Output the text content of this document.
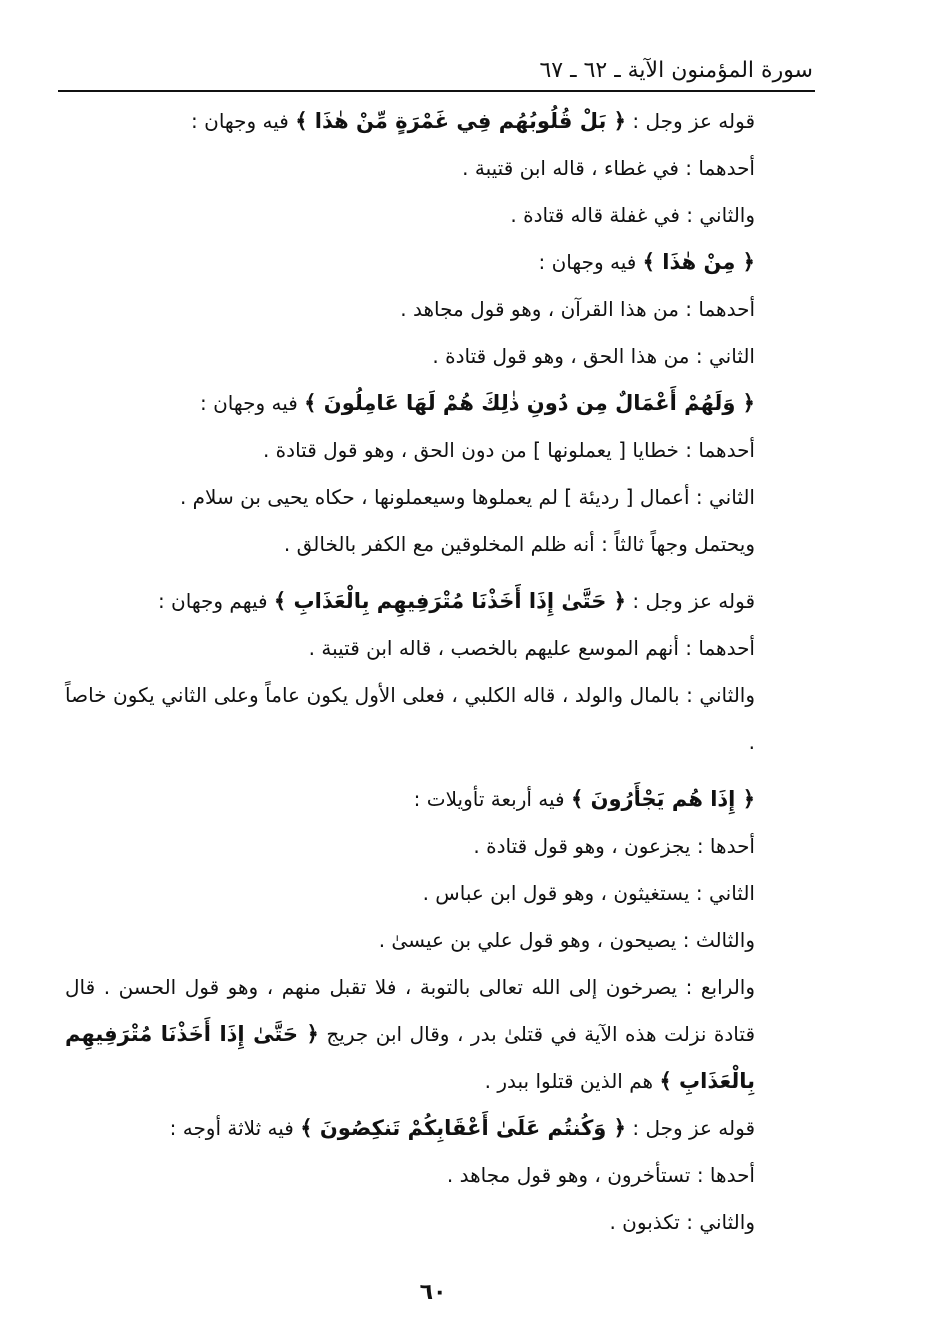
سورة المؤمنون الآية ـ ٦٢ ـ ٦٧

قوله عز وجل : ﴿ بَلْ قُلُوبُهُم فِي غَمْرَةٍ مِّنْ هٰذَا ﴾ فيه وجهان :

أحدهما : في غطاء ، قاله ابن قتيبة .

والثاني : في غفلة قاله قتادة .

﴿ مِنْ هٰذَا ﴾ فيه وجهان :

أحدهما : من هذا القرآن ، وهو قول مجاهد .

الثاني : من هذا الحق ، وهو قول قتادة .

﴿ وَلَهُمْ أَعْمَالٌ مِن دُونِ ذٰلِكَ هُمْ لَهَا عَامِلُونَ ﴾ فيه وجهان :

أحدهما : خطايا [ يعملونها ] من دون الحق ، وهو قول قتادة .

الثاني : أعمال [ رديئة ] لم يعملوها وسيعملونها ، حكاه يحيى بن سلام .

ويحتمل وجهاً ثالثاً : أنه ظلم المخلوقين مع الكفر بالخالق .

قوله عز وجل : ﴿ حَتَّىٰ إِذَا أَخَذْنَا مُتْرَفِيهِم بِالْعَذَابِ ﴾ فيهم وجهان :

أحدهما : أنهم الموسع عليهم بالخصب ، قاله ابن قتيبة .

والثاني : بالمال والولد ، قاله الكلبي ، فعلى الأول يكون عاماً وعلى الثاني يكون خاصاً .

﴿ إِذَا هُم يَجْأَرُونَ ﴾ فيه أربعة تأويلات :

أحدها : يجزعون ، وهو قول قتادة .

الثاني : يستغيثون ، وهو قول ابن عباس .

والثالث : يصيحون ، وهو قول علي بن عيسىٰ .

والرابع : يصرخون إلى الله تعالى بالتوبة ، فلا تقبل منهم ، وهو قول الحسن . قال قتادة نزلت هذه الآية في قتلىٰ بدر ، وقال ابن جريج ﴿ حَتَّىٰ إِذَا أَخَذْنَا مُتْرَفِيهِم بِالْعَذَابِ ﴾ هم الذين قتلوا ببدر .

قوله عز وجل : ﴿ وَكُنتُم عَلَىٰ أَعْقَابِكُمْ تَنكِصُونَ ﴾ فيه ثلاثة أوجه :

أحدها : تستأخرون ، وهو قول مجاهد .

والثاني : تكذبون .

٦٠
